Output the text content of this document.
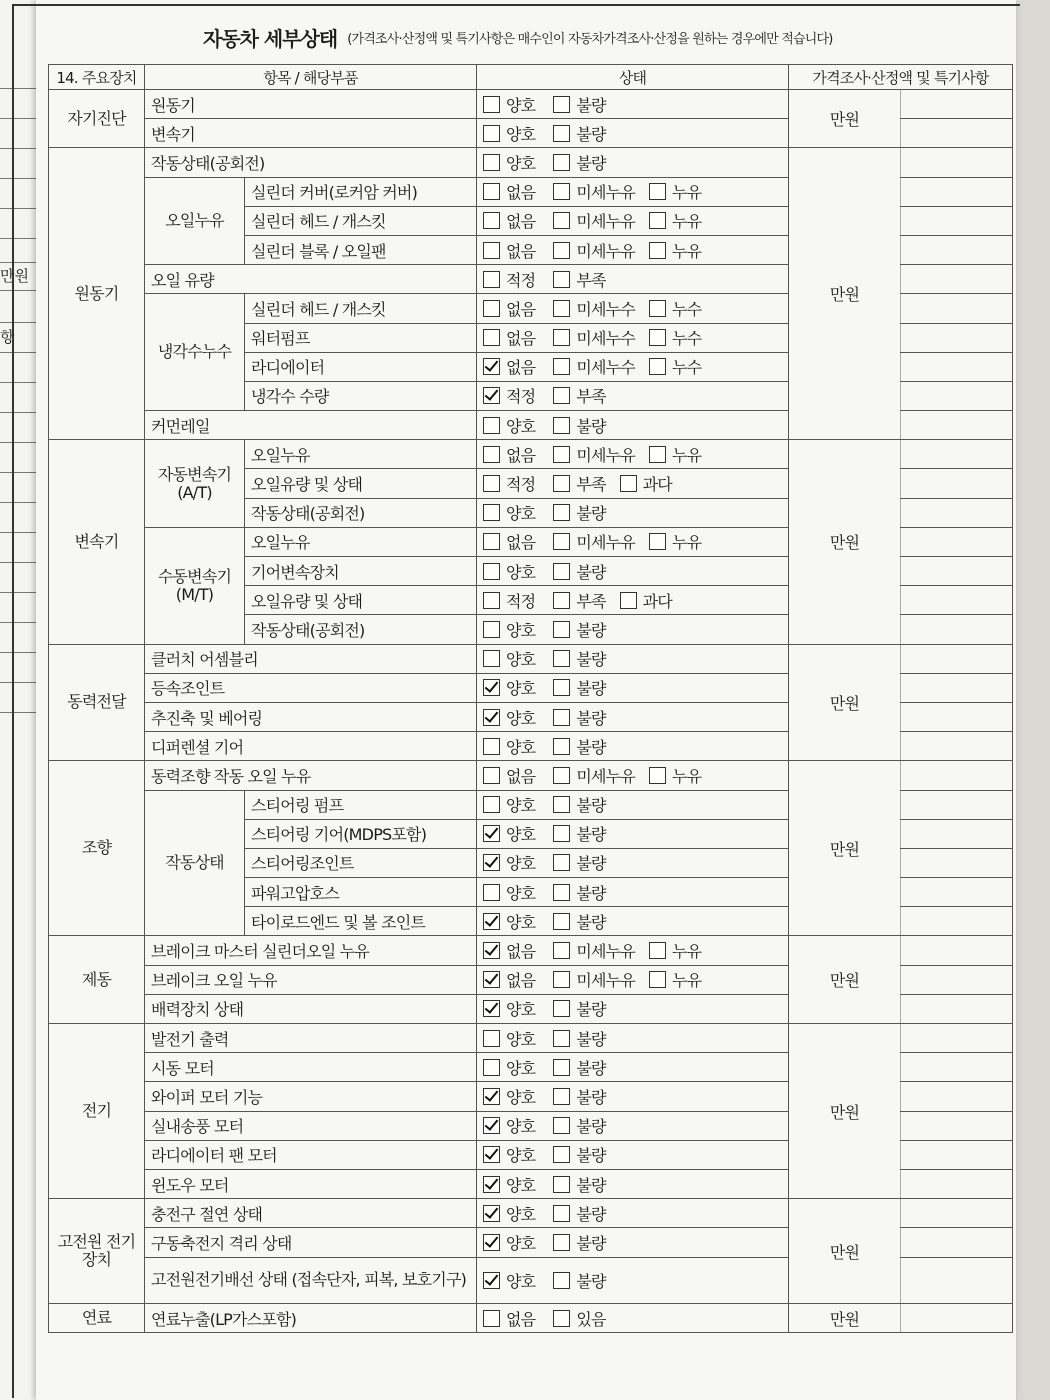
만원
항
자동차 세부상태 (가격조사·산정액 및 특기사항은 매수인이 자동차가격조사·산정을 원하는 경우에만 적습니다)
14. 주요장치	항목 / 해당부품		상태	가격조사·산정액 및 특기사항	
자기진단	원동기		양호 불량	만원	
	변속기		양호 불량		

원동기	작동상태(공회전)		양호 불량	만원	
	오일누유	실린더 커버(로커암 커버)	없음 미세누유 누유		

		실린더 헤드 / 개스킷	없음 미세누유 누유		

		실린더 블록 / 오일팬	없음 미세누유 누유		

	오일 유량		적정 부족		

	냉각수누수	실린더 헤드 / 개스킷	없음 미세누수 누수		

		워터펌프	없음 미세누수 누수		

		라디에이터	없음 미세누수 누수		

		냉각수 수량	적정 부족		

	커먼레일		양호 불량		

변속기	자동변속기 (A/T)	오일누유	없음 미세누유 누유	만원	
		오일유량 및 상태	적정 부족 과다		

		작동상태(공회전)	양호 불량		

	수동변속기 (M/T)	오일누유	없음 미세누유 누유		

		기어변속장치	양호 불량		

		오일유량 및 상태	적정 부족 과다		

		작동상태(공회전)	양호 불량		

동력전달	클러치 어셈블리		양호 불량	만원	
	등속조인트		양호 불량		

	추진축 및 베어링		양호 불량		

	디퍼렌셜 기어		양호 불량		

조향	동력조향 작동 오일 누유		없음 미세누유 누유	만원	
	작동상태	스티어링 펌프	양호 불량		

		스티어링 기어(MDPS포함)	양호 불량		

		스티어링조인트	양호 불량		

		파워고압호스	양호 불량		

		타이로드엔드 및 볼 조인트	양호 불량		

제동	브레이크 마스터 실린더오일 누유		없음 미세누유 누유	만원	
	브레이크 오일 누유		없음 미세누유 누유		

	배력장치 상태		양호 불량		

전기	발전기 출력		양호 불량	만원	
	시동 모터		양호 불량		

	와이퍼 모터 기능		양호 불량		

	실내송풍 모터		양호 불량		

	라디에이터 팬 모터		양호 불량		

	윈도우 모터		양호 불량		

고전원 전기장치	충전구 절연 상태		양호 불량	만원	
	구동축전지 격리 상태		양호 불량		

	고전원전기배선 상태 (접속단자, 피복, 보호기구)		양호 불량		

연료	연료누출(LP가스포함)		없음 있음	만원	
